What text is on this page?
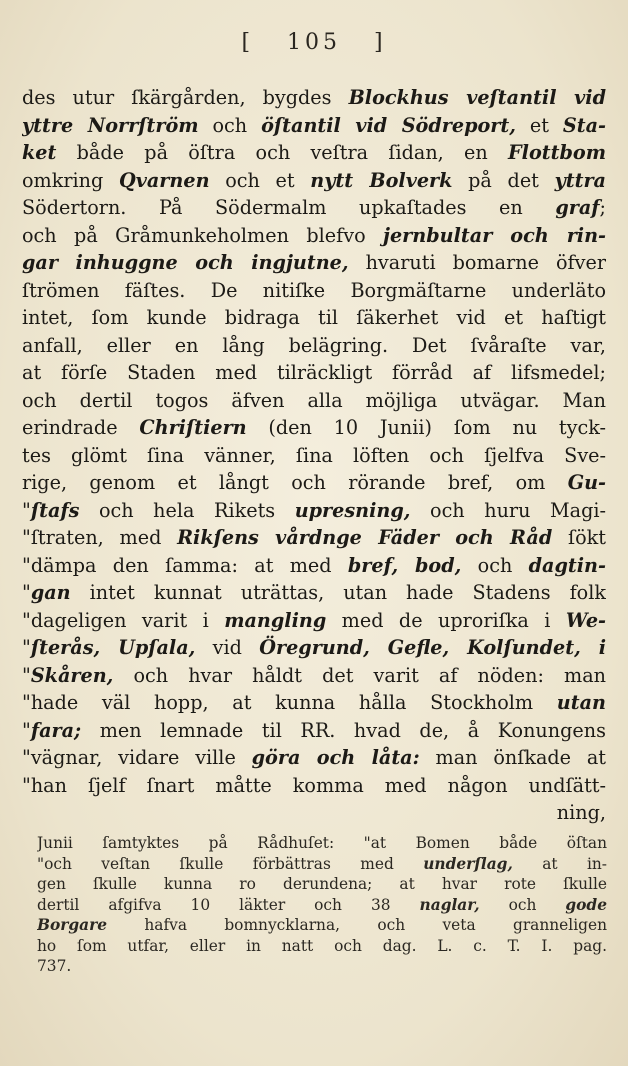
[   105   ]
des utur ſkärgården, bygdes Blockhus veſtantil vid
yttre Norrſtröm och öſtantil vid Södreport, et Sta-
ket både på öſtra och veſtra ſidan, en Flottbom
omkring Qvarnen och et nytt Bolverk på det yttra
Södertorn. På Södermalm upkaſtades en graf;
och på Gråmunkeholmen blefvo jernbultar och rin-
gar inhuggne och ingjutne, hvaruti bomarne öfver
ſtrömen fäſtes. De nitiſke Borgmäſtarne underläto
intet, ſom kunde bidraga til ſäkerhet vid et haſtigt
anfall, eller en lång belägring. Det ſvåraſte var,
at förſe Staden med tilräckligt förråd af lifsmedel;
och dertil togos äfven alla möjliga utvägar. Man
erindrade Chriſtiern (den 10 Junii) ſom nu tyck-
tes glömt ſina vänner, ſina löften och ſjelfva Sve-
rige, genom et långt och rörande bref, om Gu-
"ſtafs och hela Rikets upresning, och huru Magi-
"ſtraten, med Rikſens vårdnge Fäder och Råd ſökt
"dämpa den ſamma: at med bref, bod, och dagtin-
"gan intet kunnat uträttas, utan hade Stadens folk
"dageligen varit i mangling med de uproriſka i We-
"ſterås, Upſala, vid Öregrund, Gefle, Kolſundet, i
"Skåren, och hvar håldt det varit af nöden: man
"hade väl hopp, at kunna hålla Stockholm utan
"fara; men lemnade til RR. hvad de, å Konungens
"vägnar, vidare ville göra och låta: man önſkade at
"han ſjelf ſnart måtte komma med någon undſätt-
ning,
Junii ſamtyktes på Rådhuſet: "at Bomen både öſtan
"och veſtan ſkulle förbättras med underſlag, at in-
gen ſkulle kunna ro derundena; at hvar rote ſkulle
dertil afgifva 10 läkter och 38 naglar, och gode
Borgare hafva bomnycklarna, och veta granneligen
ho ſom utfar, eller in natt och dag. L. c. T. I. pag.
737.
